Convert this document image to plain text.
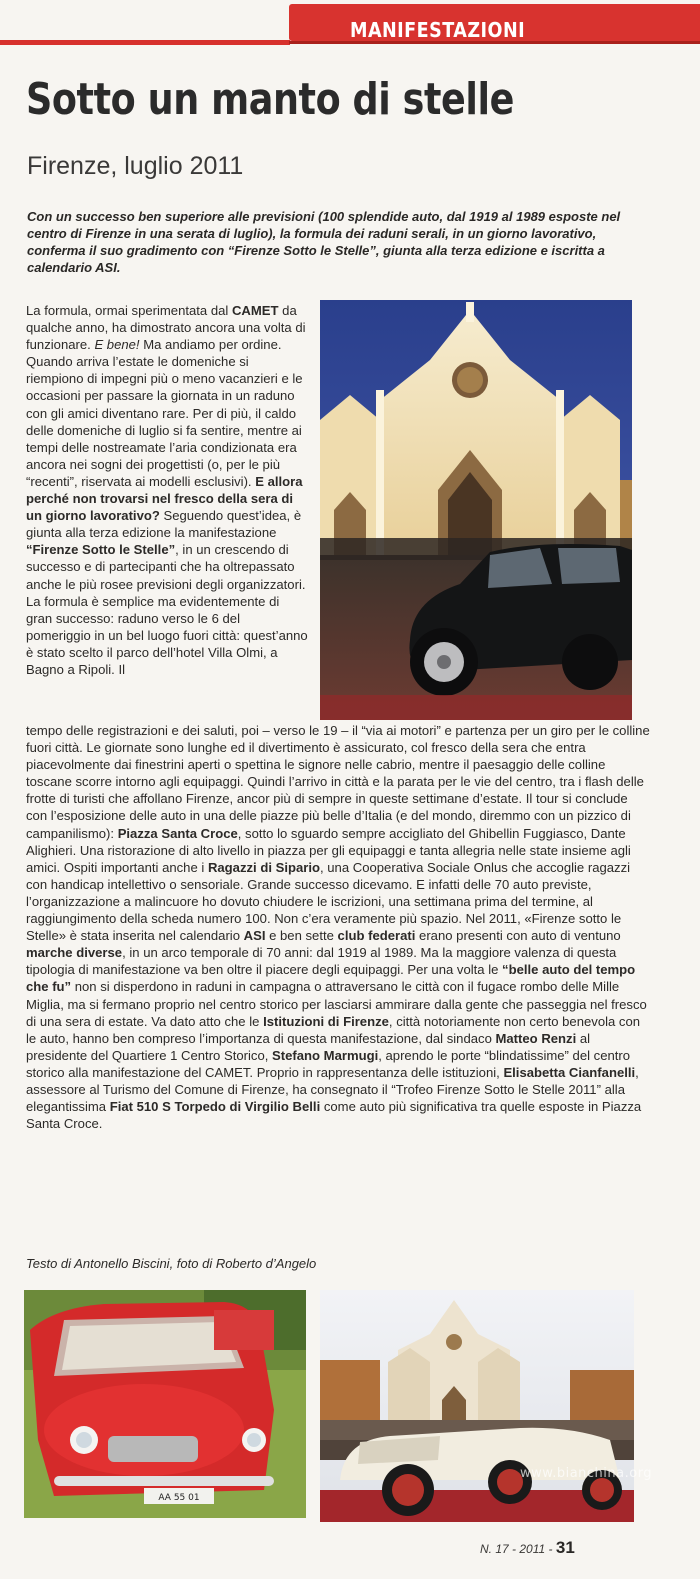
MANIFESTAZIONI
Sotto un manto di stelle
Firenze, luglio 2011
Con un successo ben superiore alle previsioni (100 splendide auto, dal 1919 al 1989 esposte nel centro di Firenze in una serata di luglio), la formula dei raduni serali, in un giorno lavorativo, conferma il suo gradimento con “Firenze Sotto le Stelle”, giunta alla terza edizione e iscritta a calendario ASI.

La formula, ormai sperimentata dal CAMET da qualche anno, ha dimostrato ancora una volta di funzionare. E bene! Ma andiamo per ordine. Quando arriva l’estate le domeniche si riempiono di impegni più o meno vacanzieri e le occasioni per passare la giornata in un raduno con gli amici diventano rare. Per di più, il caldo delle domeniche di luglio si fa sentire, mentre ai tempi delle nostreamate l’aria condizionata era ancora nei sogni dei progettisti (o, per le più “recenti”, riservata ai modelli esclusivi). E allora perché non trovarsi nel fresco della sera di un giorno lavorativo? Seguendo quest’idea, è giunta alla terza edizione la manifestazione “Firenze Sotto le Stelle”, in un crescendo di successo e di partecipanti che ha oltrepassato anche le più rosee previsioni degli organizzatori. La formula è semplice ma evidentemente di gran successo: raduno verso le 6 del pomeriggio in un bel luogo fuori città: quest’anno è stato scelto il parco dell’hotel Villa Olmi, a Bagno a Ripoli. Il

tempo delle registrazioni e dei saluti, poi – verso le 19 – il “via ai motori” e partenza per un giro per le colline fuori città. Le giornate sono lunghe ed il divertimento è assicurato, col fresco della sera che entra piacevolmente dai finestrini aperti o spettina le signore nelle cabrio, mentre il paesaggio delle colline toscane scorre intorno agli equipaggi. Quindi l’arrivo in città e la parata per le vie del centro, tra i flash delle frotte di turisti che affollano Firenze, ancor più di sempre in queste settimane d’estate. Il tour si conclude con l’esposizione delle auto in una delle piazze più belle d’Italia (e del mondo, diremmo con un pizzico di campanilismo): Piazza Santa Croce, sotto lo sguardo sempre accigliato del Ghibellin Fuggiasco, Dante Alighieri. Una ristorazione di alto livello in piazza per gli equipaggi e tanta allegria nelle state insieme agli amici. Ospiti importanti anche i Ragazzi di Sipario, una Cooperativa Sociale Onlus che accoglie ragazzi con handicap intellettivo o sensoriale. Grande successo dicevamo. E infatti delle 70 auto previste, l’organizzazione a malincuore ho dovuto chiudere le iscrizioni, una settimana prima del termine, al raggiungimento della scheda numero 100. Non c’era veramente più spazio. Nel 2011, «Firenze sotto le Stelle» è stata inserita nel calendario ASI e ben sette club federati erano presenti con auto di ventuno marche diverse, in un arco temporale di 70 anni: dal 1919 al 1989. Ma la maggiore valenza di questa tipologia di manifestazione va ben oltre il piacere degli equipaggi. Per una volta le “belle auto del tempo che fu” non si disperdono in raduni in campagna o attraversano le città con il fugace rombo delle Mille Miglia, ma si fermano proprio nel centro storico per lasciarsi ammirare dalla gente che passeggia nel fresco di una sera di estate. Va dato atto che le Istituzioni di Firenze, città notoriamente non certo benevola con le auto, hanno ben compreso l’importanza di questa manifestazione, dal sindaco Matteo Renzi al presidente del Quartiere 1 Centro Storico, Stefano Marmugi, aprendo le porte “blindatissime” del centro storico alla manifestazione del CAMET. Proprio in rappresentanza delle istituzioni, Elisabetta Cianfanelli, assessore al Turismo del Comune di Firenze, ha consegnato il “Trofeo Firenze Sotto le Stelle 2011” alla elegantissima Fiat 510 S Torpedo di Virgilio Belli come auto più significativa tra quelle esposte in Piazza Santa Croce.

Testo di Antonello Biscini, foto di Roberto d’Angelo
AA 55 01
www.bianchina.org
N. 17 - 2011 - 31
